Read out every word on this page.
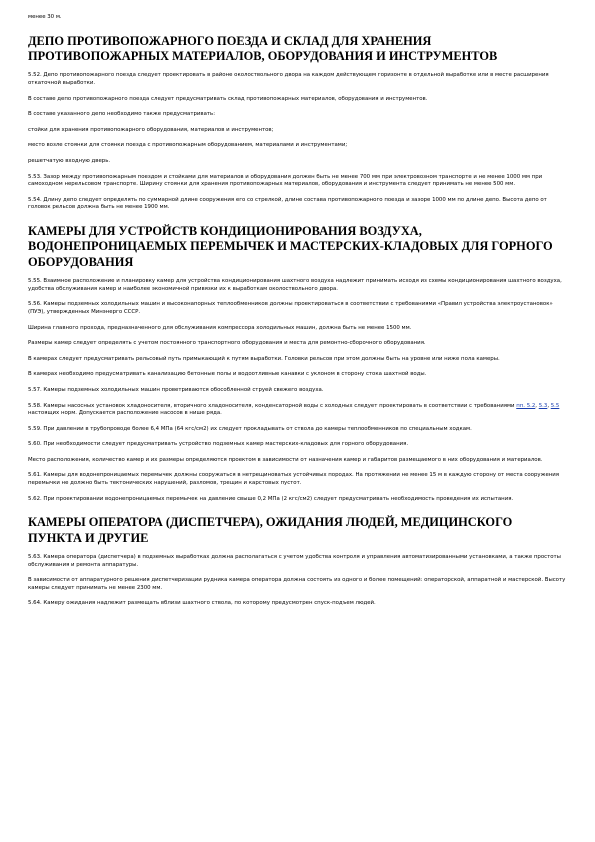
менее 30 м.

ДЕПО ПРОТИВОПОЖАРНОГО ПОЕЗДА И СКЛАД ДЛЯ ХРАНЕНИЯ ПРОТИВОПОЖАРНЫХ МАТЕРИАЛОВ, ОБОРУДОВАНИЯ И ИНСТРУМЕНТОВ

5.52. Депо противопожарного поезда следует проектировать в районе околоствольного двора на каждом действующем горизонте в отдельной выработке или в месте расширения откаточной выработки.

В составе депо противопожарного поезда следует предусматривать склад противопожарных материалов, оборудования и инструментов.

В составе указанного депо необходимо также предусматривать:

стойки для хранения противопожарного оборудования, материалов и инструментов;

место возле стоянки для стоянки поезда с противопожарным оборудованием, материалами и инструментами;

решетчатую входную дверь.

5.53. Зазор между противопожарным поездом и стойками для материалов и оборудования должен быть не менее 700 мм при электровозном транспорте и не менее 1000 мм при самоходном нерельсовом транспорте. Ширину стоянки для хранения противопожарных материалов, оборудования и инструмента следует принимать не менее 500 мм.

5.54. Длину депо следует определять по суммарной длине сооружения его со стрелкой, длине состава противопожарного поезда и зазоре 1000 мм по длине депо. Высота депо от головок рельсов должна быть не менее 1900 мм.

КАМЕРЫ ДЛЯ УСТРОЙСТВ КОНДИЦИОНИРОВАНИЯ ВОЗДУХА, ВОДОНЕПРОНИЦАЕМЫХ ПЕРЕМЫЧЕК И МАСТЕРСКИХ-КЛАДОВЫХ ДЛЯ ГОРНОГО ОБОРУДОВАНИЯ

5.55. Взаимное расположение и планировку камер для устройства кондиционирования шахтного воздуха надлежит принимать исходя из схемы кондиционирования шахтного воздуха, удобства обслуживания камер и наиболее экономичной привязки их к выработкам околоствольного двора.

5.56. Камеры подземных холодильных машин и высоконапорных теплообменников должны проектироваться в соответствии с требованиями «Правил устройства электроустановок» (ПУЭ), утвержденных Минэнерго СССР.

Ширина главного прохода, предназначенного для обслуживания компрессора холодильных машин, должна быть не менее 1500 мм.

Размеры камер следует определять с учетом постоянного транспортного оборудования и места для ремонтно-сборочного оборудования.

В камерах следует предусматривать рельсовый путь примыкающий к путям выработки. Головки рельсов при этом должны быть на уровне или ниже пола камеры.

В камерах необходимо предусматривать канализацию бетонные полы и водоотливные канавки с уклоном в сторону стока шахтной воды.

5.57. Камеры подземных холодильных машин проветриваются обособленной струей свежего воздуха.

5.58. Камеры насосных установок хладоносителя, вторичного хладоносителя, конденсаторной воды с холодных следует проектировать в соответствии с требованиями пп. 5.2, 5.3, 5.5 настоящих норм. Допускается расположение насосов в нише ряда.

5.59. При давлении в трубопроводе более 6,4 МПа (64 кгс/см2) их следует прокладывать от ствола до камеры теплообменников по специальным ходкам.

5.60. При необходимости следует предусматривать устройство подземных камер мастерских-кладовых для горного оборудования.

Место расположения, количество камер и их размеры определяются проектом в зависимости от назначения камер и габаритов размещаемого в них оборудования и материалов.

5.61. Камеры для водонепроницаемых перемычек должны сооружаться в нетрещиноватых устойчивых породах. На протяжении не менее 15 м в каждую сторону от места сооружения перемычки не должно быть тектонических нарушений, разломов, трещин и карстовых пустот.

5.62. При проектировании водонепроницаемых перемычек на давление свыше 0,2 МПа (2 кгс/см2) следует предусматривать необходимость проведения их испытания.

КАМЕРЫ ОПЕРАТОРА (ДИСПЕТЧЕРА), ОЖИДАНИЯ ЛЮДЕЙ, МЕДИЦИНСКОГО ПУНКТА И ДРУГИЕ

5.63. Камера оператора (диспетчера) в подземных выработках должна располагаться с учетом удобства контроля и управления автоматизированными установками, а также простоты обслуживания и ремонта аппаратуры.

В зависимости от аппаратурного решения диспетчеризации рудника камера оператора должна состоять из одного и более помещений: операторской, аппаратной и мастерской. Высоту камеры следует принимать не менее 2300 мм.

5.64. Камеру ожидания надлежит размещать вблизи шахтного ствола, по которому предусмотрен спуск-подъем людей.
